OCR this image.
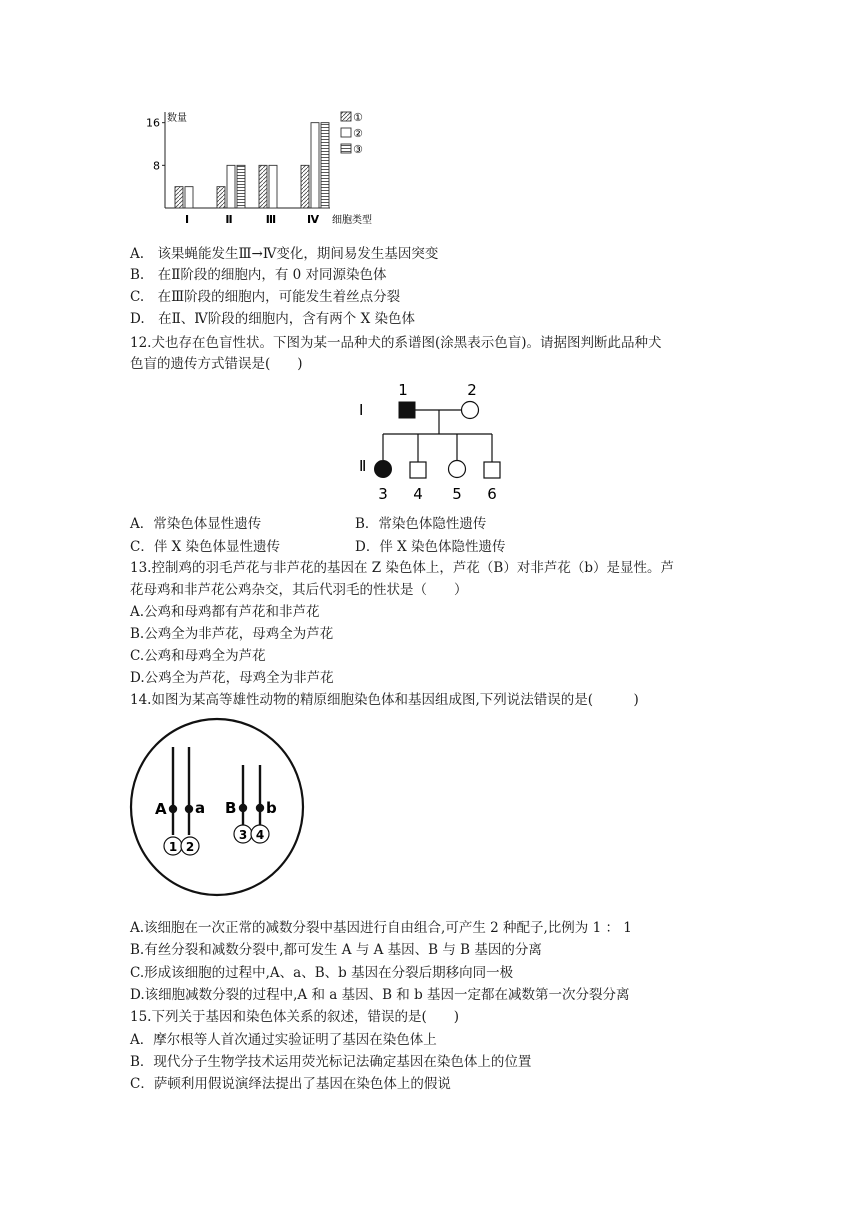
数量
细胞类型
8
16
Ⅰ	Ⅱ	Ⅲ	Ⅳ
①
②
③
A.　该果蝇能发生Ⅲ→Ⅳ变化，期间易发生基因突变
B.　在Ⅱ阶段的细胞内，有 0 对同源染色体
C.　在Ⅲ阶段的细胞内，可能发生着丝点分裂
D.　在Ⅱ、Ⅳ阶段的细胞内，含有两个 X 染色体
12.犬也存在色盲性状。下图为某一品种犬的系谱图(涂黑表示色盲)。请据图判断此品种犬
色盲的遗传方式错误是(　　)
Ⅰ
Ⅱ
1	2
3 4 5 6
A．常染色体显性遗传	B．常染色体隐性遗传
C．伴 X 染色体显性遗传	D．伴 X 染色体隐性遗传
13.控制鸡的羽毛芦花与非芦花的基因在 Z 染色体上，芦花（B）对非芦花（b）是显性。芦
花母鸡和非芦花公鸡杂交，其后代羽毛的性状是（　　）
A.公鸡和母鸡都有芦花和非芦花
B.公鸡全为非芦花，母鸡全为芦花
C.公鸡和母鸡全为芦花
D.公鸡全为芦花，母鸡全为非芦花
14.如图为某高等雄性动物的精原细胞染色体和基因组成图,下列说法错误的是(　　　)
A a
1 2
B b
3 4
A.该细胞在一次正常的减数分裂中基因进行自由组合,可产生 2 种配子,比例为 1 ： 1
B.有丝分裂和减数分裂中,都可发生 A 与 A 基因、B 与 B 基因的分离
C.形成该细胞的过程中,A、a、B、b 基因在分裂后期移向同一极
D.该细胞减数分裂的过程中,A 和 a 基因、B 和 b 基因一定都在减数第一次分裂分离
15.下列关于基因和染色体关系的叙述，错误的是(　　)
A．摩尔根等人首次通过实验证明了基因在染色体上
B．现代分子生物学技术运用荧光标记法确定基因在染色体上的位置
C．萨顿利用假说演绎法提出了基因在染色体上的假说
